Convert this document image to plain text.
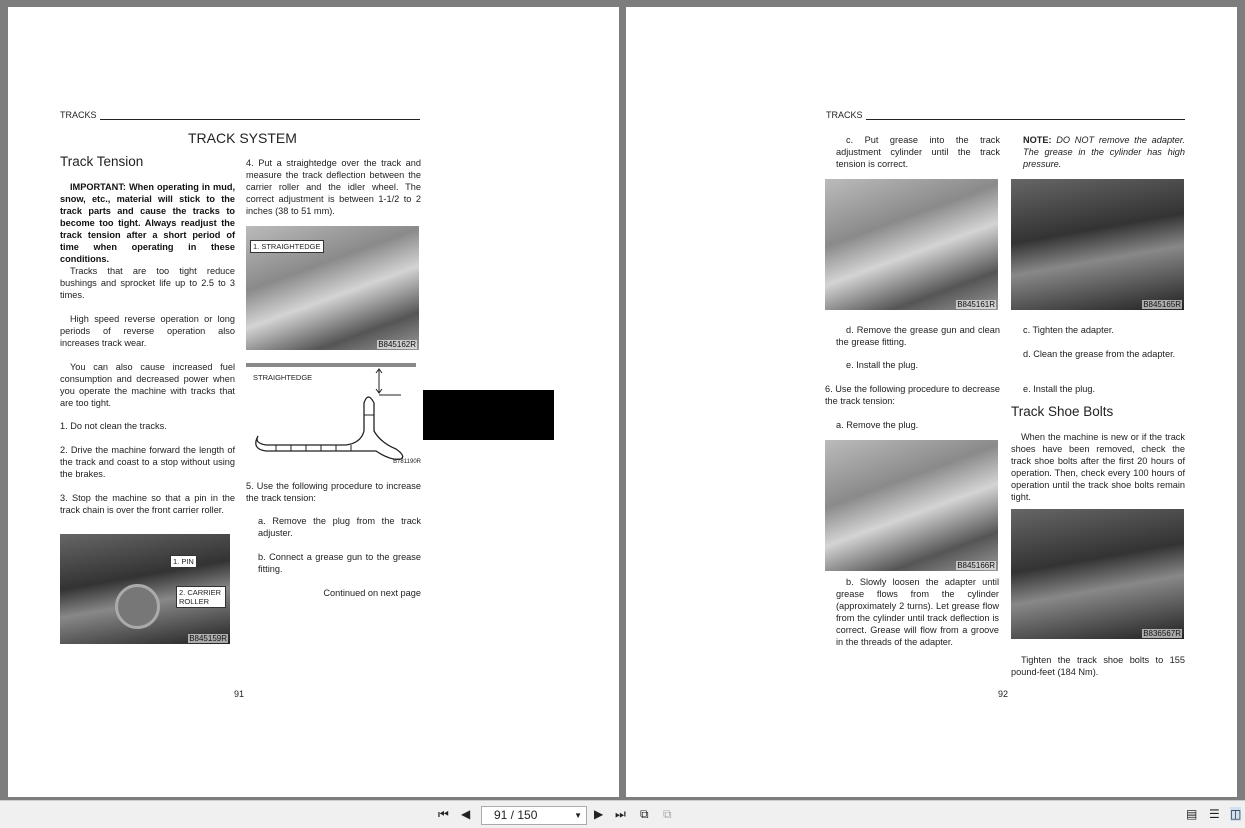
TRACKS
TRACK SYSTEM
Track Tension
IMPORTANT: When operating in mud, snow, etc., material will stick to the track parts and cause the tracks to become too tight. Always readjust the track tension after a short period of time when operating in these conditions.
Tracks that are too tight reduce bushings and sprocket life up to 2.5 to 3 times.
High speed reverse operation or long periods of reverse operation also increases track wear.
You can also cause increased fuel consumption and decreased power when you operate the machine with tracks that are too tight.
1. Do not clean the tracks.
2. Drive the machine forward the length of the track and coast to a stop without using the brakes.
3. Stop the machine so that a pin in the track chain is over the front carrier roller.
1. PIN
2. CARRIER ROLLER
B845159R
4. Put a straightedge over the track and measure the track deflection between the carrier roller and the idler wheel. The correct adjustment is between 1-1/2 to 2 inches (38 to 51 mm).
1. STRAIGHTEDGE
B845162R
STRAIGHTEDGE
B781190R
5. Use the following procedure to increase the track tension:
a. Remove the plug from the track adjuster.
b. Connect a grease gun to the grease fitting.
Continued on next page
91
TRACKS
c. Put grease into the track adjustment cylinder until the track tension is correct.
NOTE: DO NOT remove the adapter. The grease in the cylinder has high pressure.
B845161R	B845165R
d. Remove the grease gun and clean the grease fitting.
e. Install the plug.
6. Use the following procedure to decrease the track tension:
a. Remove the plug.
B845166R
b. Slowly loosen the adapter until grease flows from the cylinder (approximately 2 turns). Let grease flow from the cylinder until track deflection is correct. Grease will flow from a groove in the threads of the adapter.
c. Tighten the adapter.
d. Clean the grease from the adapter.
e. Install the plug.
Track Shoe Bolts
When the machine is new or if the track shoes have been removed, check the track shoe bolts after the first 20 hours of operation. Then, check every 100 hours of operation until the track shoe bolts remain tight.
B836567R
Tighten the track shoe bolts to 155 pound-feet (184 Nm).
92
⏮ ◀	91 / 150	▼ ▶ ⏭ ⧉ ⧉	▤ ☰ ◫
